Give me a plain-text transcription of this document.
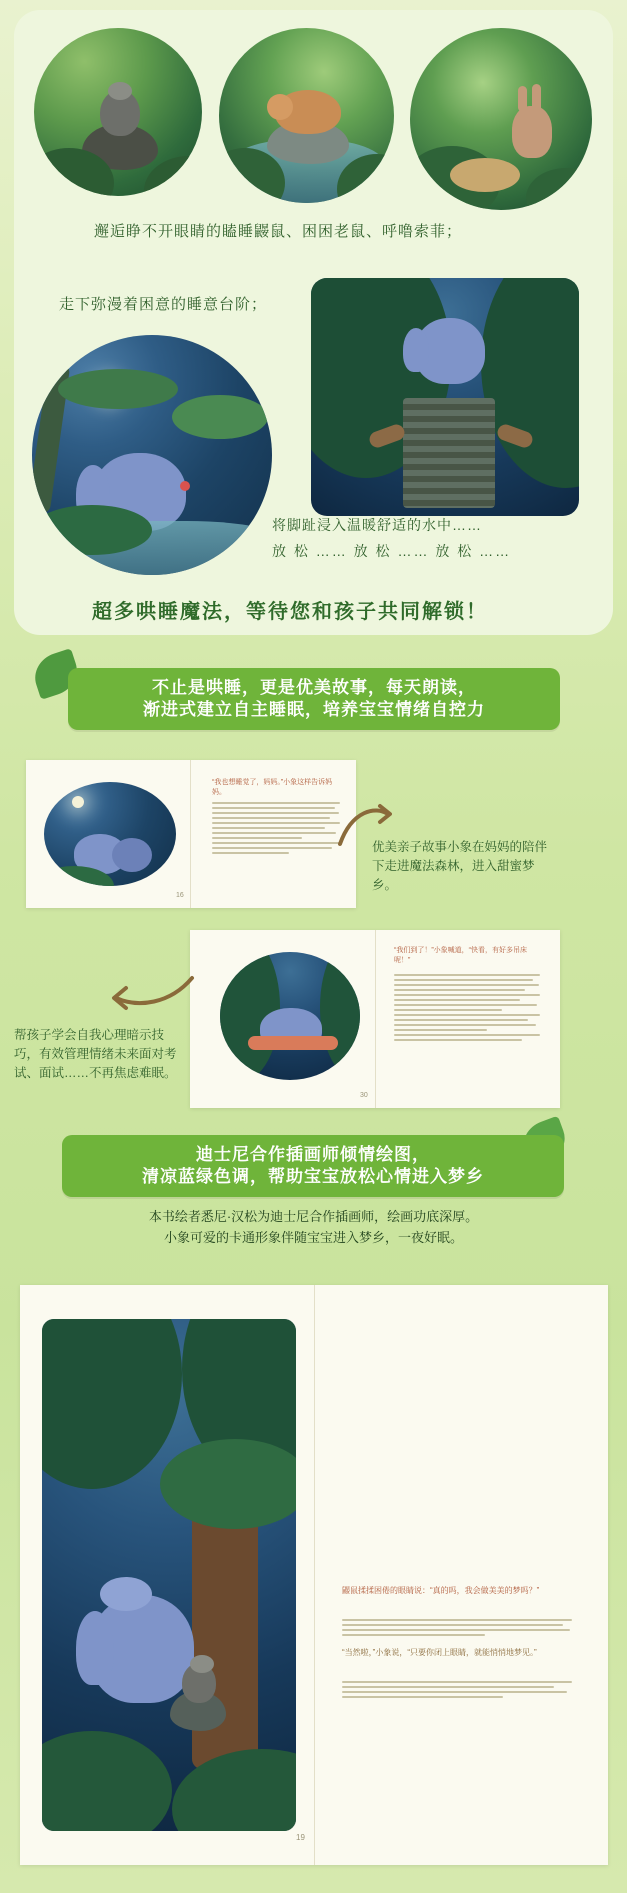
邂逅睁不开眼睛的瞌睡鼹鼠、困困老鼠、呼噜索菲；
走下弥漫着困意的睡意台阶；
将脚趾浸入温暖舒适的水中……
放 松 …… 放 松 …… 放 松 ……
超多哄睡魔法，等待您和孩子共同解锁！
不止是哄睡，更是优美故事，每天朗读，
渐进式建立自主睡眠，培养宝宝情绪自控力
“我也想睡觉了，妈妈。”小象这样告诉妈妈。
16
优美亲子故事小象在妈妈的陪伴下走进魔法森林，进入甜蜜梦乡。
“我们到了！”小象喊道，“快看，有好多吊床呢！”
30
帮孩子学会自我心理暗示技巧，有效管理情绪未来面对考试、面试……不再焦虑难眠。
迪士尼合作插画师倾情绘图，
清凉蓝绿色调，帮助宝宝放松心情进入梦乡
本书绘者悉尼·汉松为迪士尼合作插画师，绘画功底深厚。
小象可爱的卡通形象伴随宝宝进入梦乡，一夜好眠。
鼹鼠揉揉困倦的眼睛说：“真的吗，我会做美美的梦吗？”
“当然啦，”小象说，“只要你闭上眼睛，就能悄悄地梦见。”
19
